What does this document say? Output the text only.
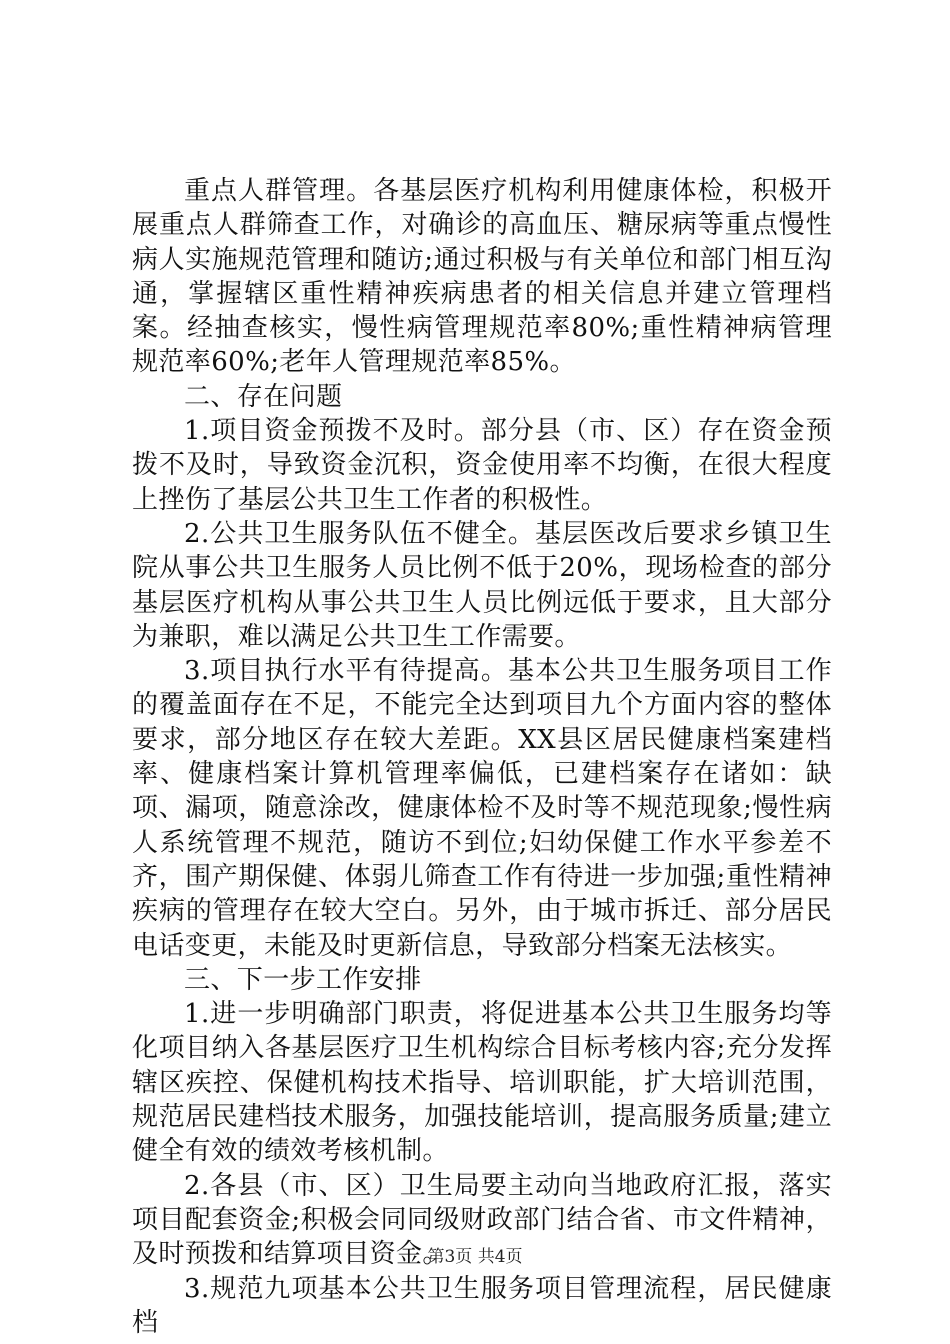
重点人群管理。各基层医疗机构利用健康体检，积极开展重点人群筛查工作，对确诊的高血压、糖尿病等重点慢性病人实施规范管理和随访;通过积极与有关单位和部门相互沟通，掌握辖区重性精神疾病患者的相关信息并建立管理档案。经抽查核实，慢性病管理规范率80%;重性精神病管理规范率60%;老年人管理规范率85%。

二、存在问题

1.项目资金预拨不及时。部分县（市、区）存在资金预拨不及时，导致资金沉积，资金使用率不均衡，在很大程度上挫伤了基层公共卫生工作者的积极性。

2.公共卫生服务队伍不健全。基层医改后要求乡镇卫生院从事公共卫生服务人员比例不低于20%，现场检查的部分基层医疗机构从事公共卫生人员比例远低于要求，且大部分为兼职，难以满足公共卫生工作需要。

3.项目执行水平有待提高。基本公共卫生服务项目工作的覆盖面存在不足，不能完全达到项目九个方面内容的整体要求，部分地区存在较大差距。XX县区居民健康档案建档率、健康档案计算机管理率偏低，已建档案存在诸如：缺项、漏项，随意涂改，健康体检不及时等不规范现象;慢性病人系统管理不规范，随访不到位;妇幼保健工作水平参差不齐，围产期保健、体弱儿筛查工作有待进一步加强;重性精神疾病的管理存在较大空白。另外，由于城市拆迁、部分居民电话变更，未能及时更新信息，导致部分档案无法核实。

三、下一步工作安排

1.进一步明确部门职责，将促进基本公共卫生服务均等化项目纳入各基层医疗卫生机构综合目标考核内容;充分发挥辖区疾控、保健机构技术指导、培训职能，扩大培训范围，规范居民建档技术服务，加强技能培训，提高服务质量;建立健全有效的绩效考核机制。

2.各县（市、区）卫生局要主动向当地政府汇报，落实项目配套资金;积极会同同级财政部门结合省、市文件精神，及时预拨和结算项目资金。

3.规范九项基本公共卫生服务项目管理流程，居民健康档

第3页 共4页
